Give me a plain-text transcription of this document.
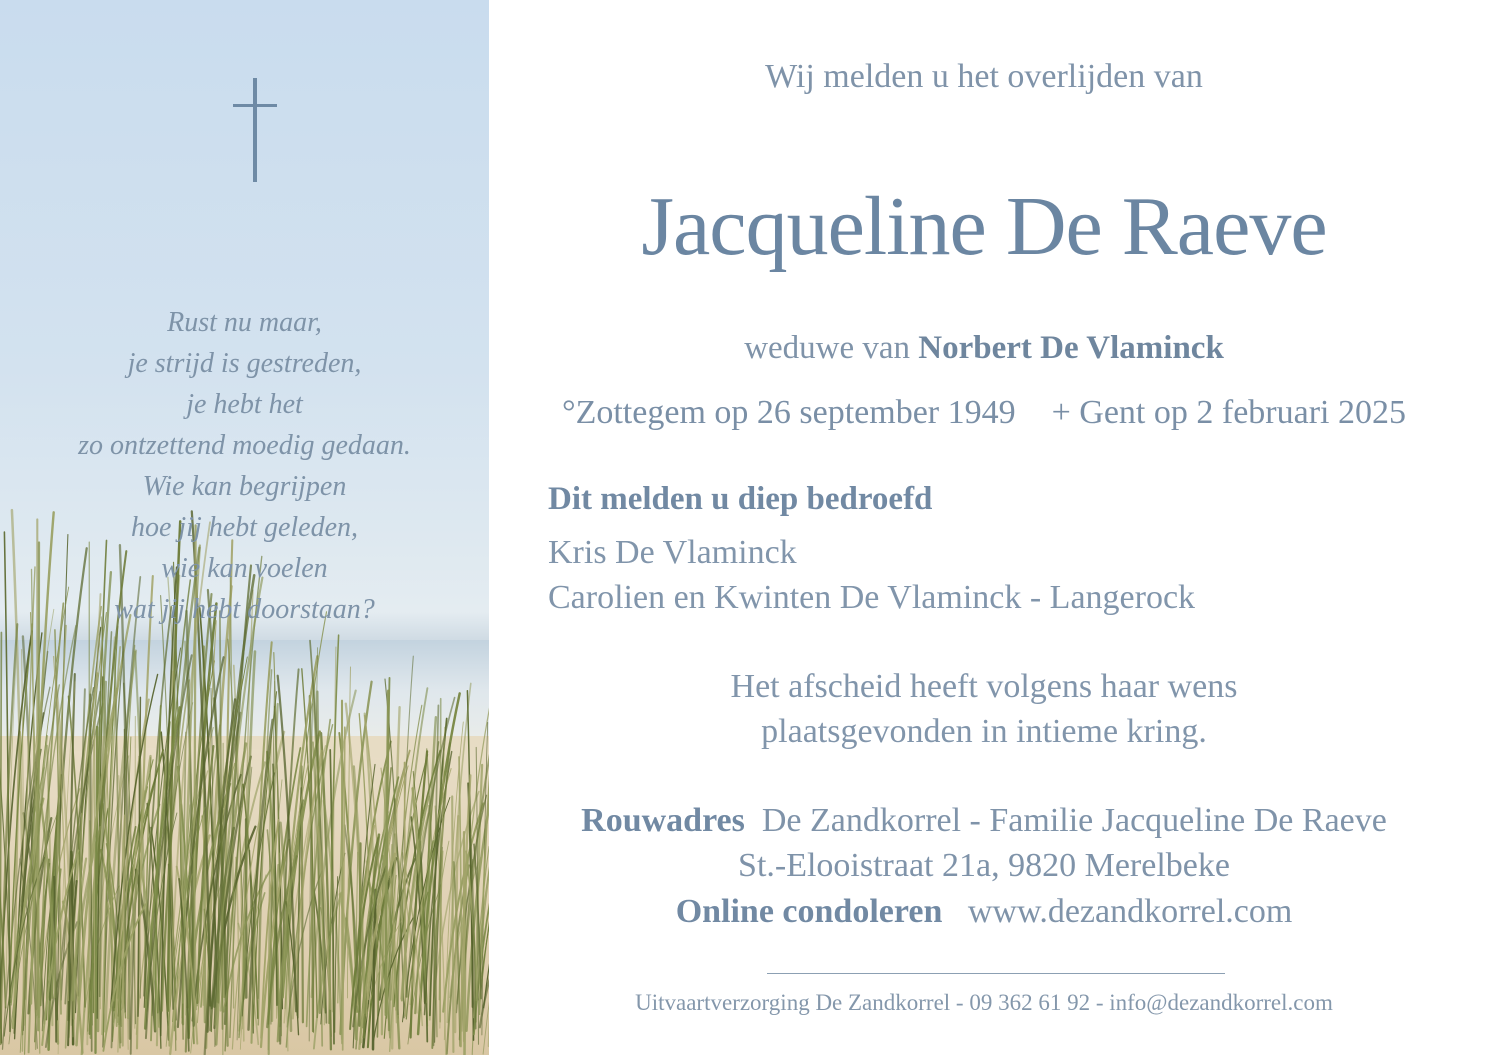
Rust nu maar,
je strijd is gestreden,
je hebt het
zo ontzettend moedig gedaan.
Wie kan begrijpen
hoe jij hebt geleden,
wie kan voelen
wat jij hebt doorstaan?
Wij melden u het overlijden van
Jacqueline De Raeve
weduwe van Norbert De Vlaminck
°Zottegem op 26 september 1949 + Gent op 2 februari 2025
Dit melden u diep bedroefd
Kris De Vlaminck
Carolien en Kwinten De Vlaminck - Langerock
Het afscheid heeft volgens haar wens
plaatsgevonden in intieme kring.
Rouwadres De Zandkorrel - Familie Jacqueline De Raeve
St.-Elooistraat 21a, 9820 Merelbeke
Online condoleren www.dezandkorrel.com
Uitvaartverzorging De Zandkorrel - 09 362 61 92 - info@dezandkorrel.com
